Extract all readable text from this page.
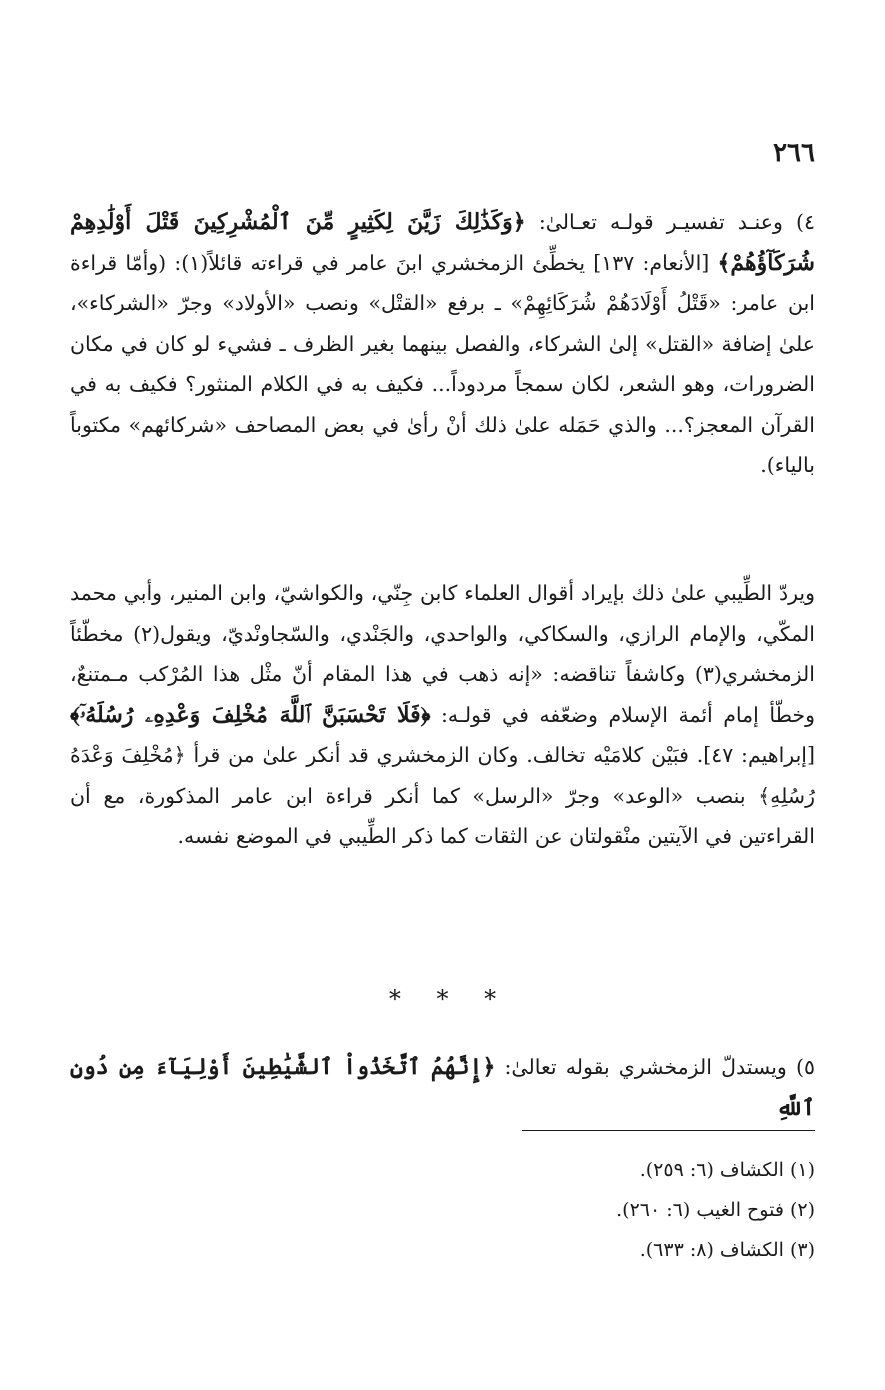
٢٦٦

٤) وعنـد تفسيـر قولـه تعـالىٰ: ﴿وَكَذَٰلِكَ زَيَّنَ لِكَثِيرٍ مِّنَ ٱلْمُشْرِكِينَ قَتْلَ أَوْلَٰدِهِمْ شُرَكَآؤُهُمْ﴾ [الأنعام: ١٣٧] يخطِّئ الزمخشري ابنَ عامر في قراءته قائلاً(١): (وأمّا قراءة ابن عامر: «قَتْلُ أَوْلَادَهُمْ شُرَكَائِهِمْ» ـ برفع «القتْل» ونصب «الأولاد» وجرّ «الشركاء»، علىٰ إضافة «القتل» إلىٰ الشركاء، والفصل بينهما بغير الظرف ـ فشيء لو كان في مكان الضرورات، وهو الشعر، لكان سمجاً مردوداً... فكيف به في الكلام المنثور؟ فكيف به في القرآن المعجز؟... والذي حَمَله علىٰ ذلك أنْ رأىٰ في بعض المصاحف «شركائهم» مكتوباً بالياء).

ويردّ الطِّيبي علىٰ ذلك بإيراد أقوال العلماء كابن جِنّي، والكواشيّ، وابن المنير، وأبي محمد المكّي، والإمام الرازي، والسكاكي، والواحدي، والجَنْدي، والسّجاونْديّ، ويقول(٢) مخطّئاً الزمخشري(٣) وكاشفاً تناقضه: «إنه ذهب في هذا المقام أنّ مثْل هذا المُرْكب مـمتنعٌ، وخطّأ إمام أئمة الإسلام وضعّفه في قولـه: ﴿فَلَا تَحْسَبَنَّ ٱللَّهَ مُخْلِفَ وَعْدِهِۦ رُسُلَهُۥٓ﴾ [إبراهيم: ٤٧]. فبَيْن كلامَيْه تخالف. وكان الزمخشري قد أنكر علىٰ من قرأ ﴿مُخْلِفَ وَعْدَهُ رُسُلِهِ﴾ بنصب «الوعد» وجرّ «الرسل» كما أنكر قراءة ابن عامر المذكورة، مع أن القراءتين في الآيتين منْقولتان عن الثقات كما ذكر الطِّيبي في الموضع نفسه.

* * *

٥) ويستدلّ الزمخشري بقوله تعالىٰ: ﴿إِنَّهُمُ ٱتَّخَذُواْ ٱلشَّيَٰطِينَ أَوْلِيَآءَ مِن دُونِ ٱللَّهِ

(١) الكشاف (٦: ٢٥٩).
(٢) فتوح الغيب (٦: ٢٦٠).
(٣) الكشاف (٨: ٦٣٣).
